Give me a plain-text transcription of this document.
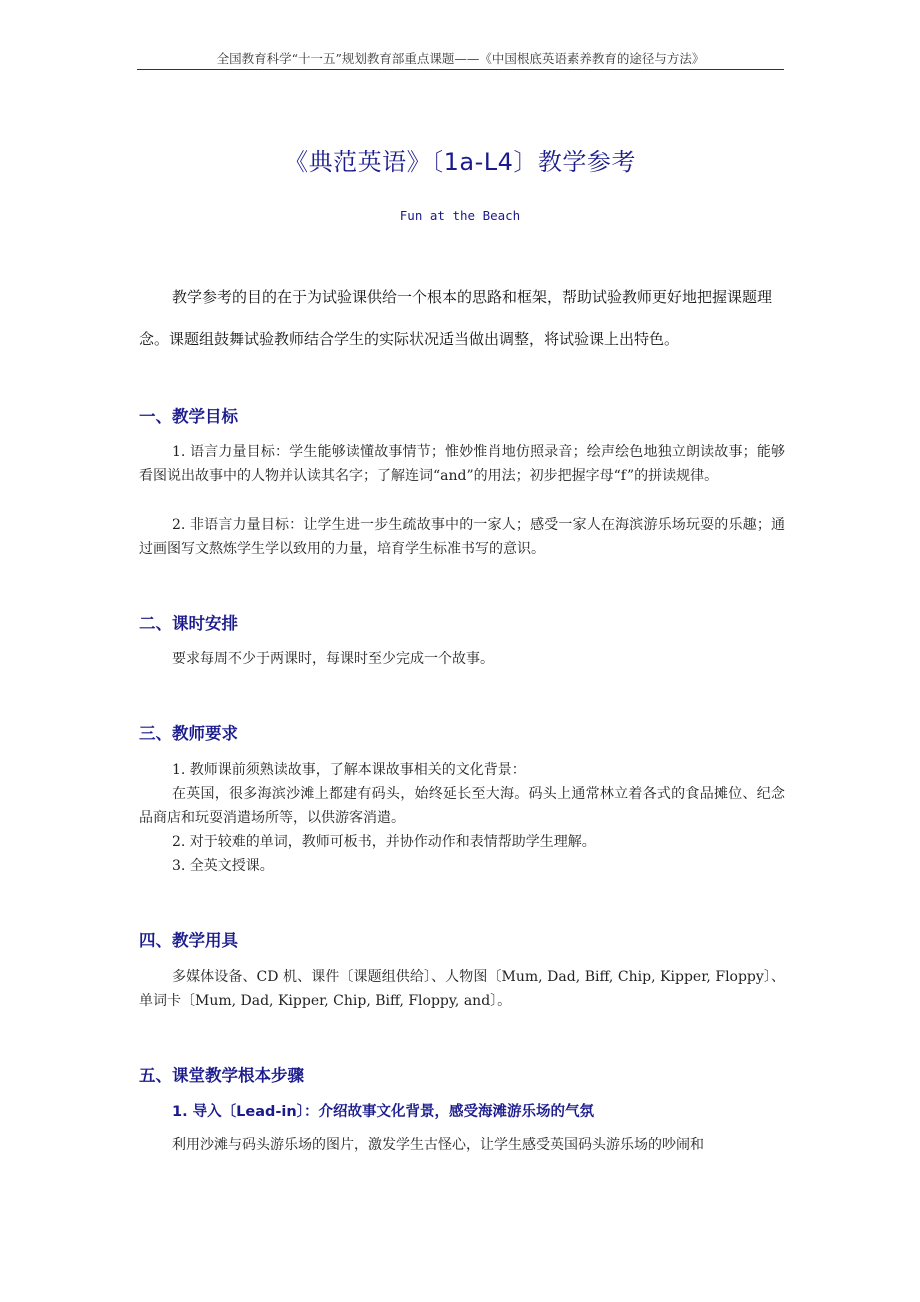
全国教育科学“十一五”规划教育部重点课题——《中国根底英语素养教育的途径与方法》
《典范英语》〔1a-L4〕教学参考
Fun at the Beach
教学参考的目的在于为试验课供给一个根本的思路和框架，帮助试验教师更好地把握课题理念。课题组鼓舞试验教师结合学生的实际状况适当做出调整，将试验课上出特色。
一、教学目标
1. 语言力量目标：学生能够读懂故事情节；惟妙惟肖地仿照录音；绘声绘色地独立朗读故事；能够看图说出故事中的人物并认读其名字；了解连词“and”的用法；初步把握字母“f”的拼读规律。
2. 非语言力量目标：让学生进一步生疏故事中的一家人；感受一家人在海滨游乐场玩耍的乐趣；通过画图写文熬炼学生学以致用的力量，培育学生标准书写的意识。
二、课时安排
要求每周不少于两课时，每课时至少完成一个故事。
三、教师要求
1. 教师课前须熟读故事，了解本课故事相关的文化背景：
在英国，很多海滨沙滩上都建有码头，始终延长至大海。码头上通常林立着各式的食品摊位、纪念品商店和玩耍消遣场所等，以供游客消遣。
2. 对于较难的单词，教师可板书，并协作动作和表情帮助学生理解。
3. 全英文授课。
四、教学用具
多媒体设备、CD 机、课件〔课题组供给〕、人物图〔Mum, Dad, Biff, Chip, Kipper, Floppy〕、单词卡〔Mum, Dad, Kipper, Chip, Biff, Floppy, and〕。
五、课堂教学根本步骤
1. 导入〔Lead-in〕：介绍故事文化背景，感受海滩游乐场的气氛
利用沙滩与码头游乐场的图片，激发学生古怪心，让学生感受英国码头游乐场的吵闹和
